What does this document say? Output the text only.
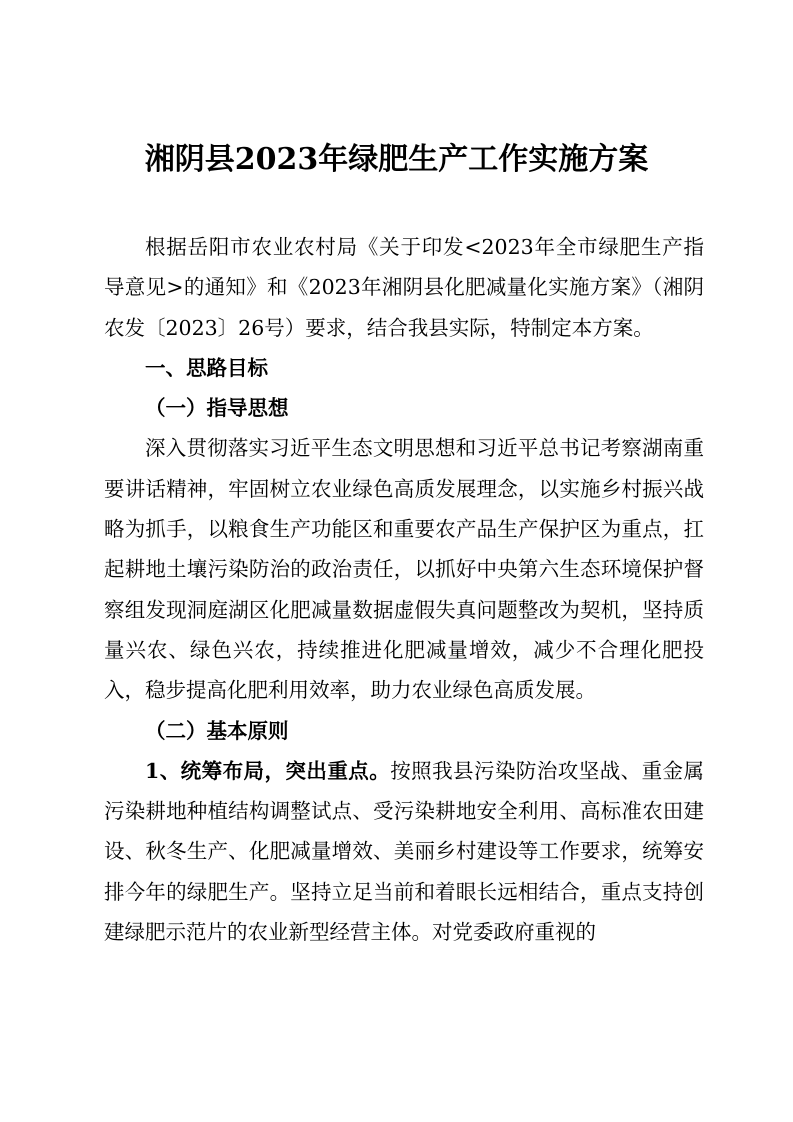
湘阴县2023年绿肥生产工作实施方案

根据岳阳市农业农村局《关于印发<2023年全市绿肥生产指导意见>的通知》和《2023年湘阴县化肥减量化实施方案》（湘阴农发〔2023〕26号）要求，结合我县实际，特制定本方案。

一、思路目标

（一）指导思想

深入贯彻落实习近平生态文明思想和习近平总书记考察湖南重要讲话精神，牢固树立农业绿色高质发展理念，以实施乡村振兴战略为抓手，以粮食生产功能区和重要农产品生产保护区为重点，扛起耕地土壤污染防治的政治责任，以抓好中央第六生态环境保护督察组发现洞庭湖区化肥减量数据虚假失真问题整改为契机，坚持质量兴农、绿色兴农，持续推进化肥减量增效，减少不合理化肥投入，稳步提高化肥利用效率，助力农业绿色高质发展。

（二）基本原则

1、统筹布局，突出重点。按照我县污染防治攻坚战、重金属污染耕地种植结构调整试点、受污染耕地安全利用、高标准农田建设、秋冬生产、化肥减量增效、美丽乡村建设等工作要求，统筹安排今年的绿肥生产。坚持立足当前和着眼长远相结合，重点支持创建绿肥示范片的农业新型经营主体。对党委政府重视的
